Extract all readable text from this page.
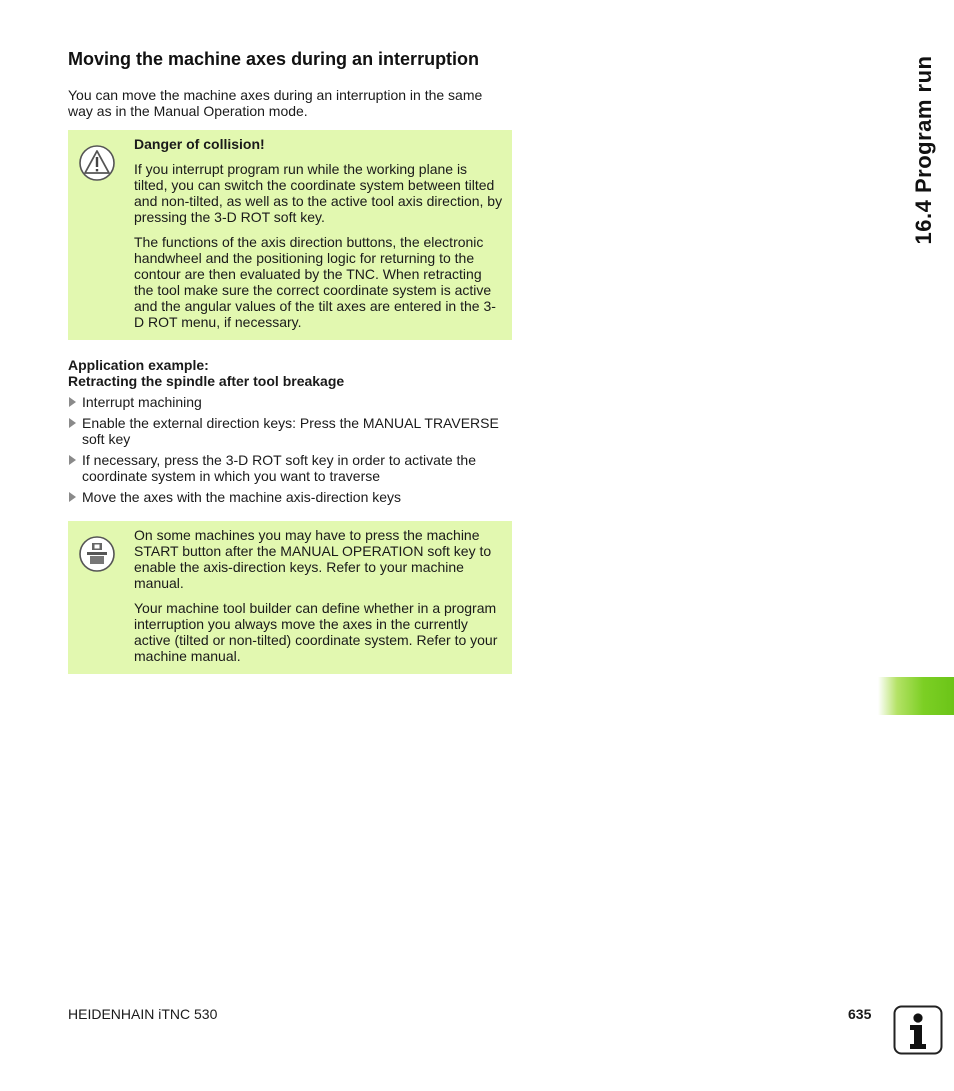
Moving the machine axes during an interruption

You can move the machine axes during an interruption in the same way as in the Manual Operation mode.

Danger of collision!

If you interrupt program run while the working plane is tilted, you can switch the coordinate system between tilted and non-tilted, as well as to the active tool axis direction, by pressing the 3-D ROT soft key.

The functions of the axis direction buttons, the electronic handwheel and the positioning logic for returning to the contour are then evaluated by the TNC. When retracting the tool make sure the correct coordinate system is active and the angular values of the tilt axes are entered in the 3-D ROT menu, if necessary.

Application example:
Retracting the spindle after tool breakage
Interrupt machining
Enable the external direction keys: Press the MANUAL TRAVERSE soft key
If necessary, press the 3-D ROT soft key in order to activate the coordinate system in which you want to traverse
Move the axes with the machine axis-direction keys

On some machines you may have to press the machine START button after the MANUAL OPERATION soft key to enable the axis-direction keys. Refer to your machine manual.

Your machine tool builder can define whether in a program interruption you always move the axes in the currently active (tilted or non-tilted) coordinate system. Refer to your machine manual.

16.4 Program run
HEIDENHAIN iTNC 530	635
